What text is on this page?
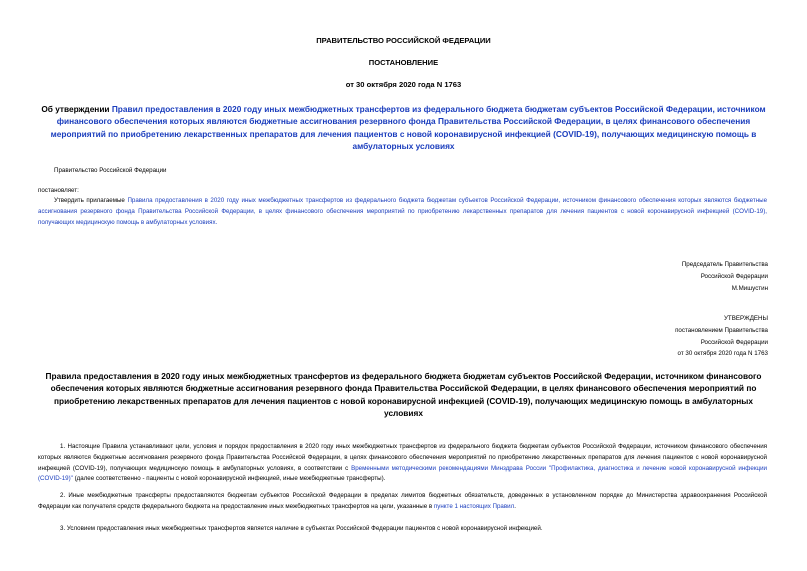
ПРАВИТЕЛЬСТВО РОССИЙСКОЙ ФЕДЕРАЦИИ
ПОСТАНОВЛЕНИЕ
от 30 октября 2020 года N 1763
Об утверждении Правил предоставления в 2020 году иных межбюджетных трансфертов из федерального бюджета бюджетам субъектов Российской Федерации, источником финансового обеспечения которых являются бюджетные ассигнования резервного фонда Правительства Российской Федерации, в целях финансового обеспечения мероприятий по приобретению лекарственных препаратов для лечения пациентов с новой коронавирусной инфекцией (COVID-19), получающих медицинскую помощь в амбулаторных условиях
Правительство Российской Федерации
постановляет:
Утвердить прилагаемые Правила предоставления в 2020 году иных межбюджетных трансфертов из федерального бюджета бюджетам субъектов Российской Федерации, источником финансового обеспечения которых являются бюджетные ассигнования резервного фонда Правительства Российской Федерации, в целях финансового обеспечения мероприятий по приобретению лекарственных препаратов для лечения пациентов с новой коронавирусной инфекцией (COVID-19), получающих медицинскую помощь в амбулаторных условиях.
Председатель Правительства
Российской Федерации
М.Мишустин
УТВЕРЖДЕНЫ
постановлением Правительства
Российской Федерации
от 30 октября 2020 года N 1763
Правила предоставления в 2020 году иных межбюджетных трансфертов из федерального бюджета бюджетам субъектов Российской Федерации, источником финансового обеспечения которых являются бюджетные ассигнования резервного фонда Правительства Российской Федерации, в целях финансового обеспечения мероприятий по приобретению лекарственных препаратов для лечения пациентов с новой коронавирусной инфекцией (COVID-19), получающих медицинскую помощь в амбулаторных условиях
1. Настоящие Правила устанавливают цели, условия и порядок предоставления в 2020 году иных межбюджетных трансфертов из федерального бюджета бюджетам субъектов Российской Федерации, источником финансового обеспечения которых являются бюджетные ассигнования резервного фонда Правительства Российской Федерации, в целях финансового обеспечения мероприятий по приобретению лекарственных препаратов для лечения пациентов с новой коронавирусной инфекцией (COVID-19), получающих медицинскую помощь в амбулаторных условиях, в соответствии с Временными методическими рекомендациями Минздрава России "Профилактика, диагностика и лечение новой коронавирусной инфекции (COVID-19)" (далее соответственно - пациенты с новой коронавирусной инфекцией, иные межбюджетные трансферты).
2. Иные межбюджетные трансферты предоставляются бюджетам субъектов Российской Федерации в пределах лимитов бюджетных обязательств, доведенных в установленном порядке до Министерства здравоохранения Российской Федерации как получателя средств федерального бюджета на предоставление иных межбюджетных трансфертов на цели, указанные в пункте 1 настоящих Правил.
3. Условием предоставления иных межбюджетных трансфертов является наличие в субъектах Российской Федерации пациентов с новой коронавирусной инфекцией.
